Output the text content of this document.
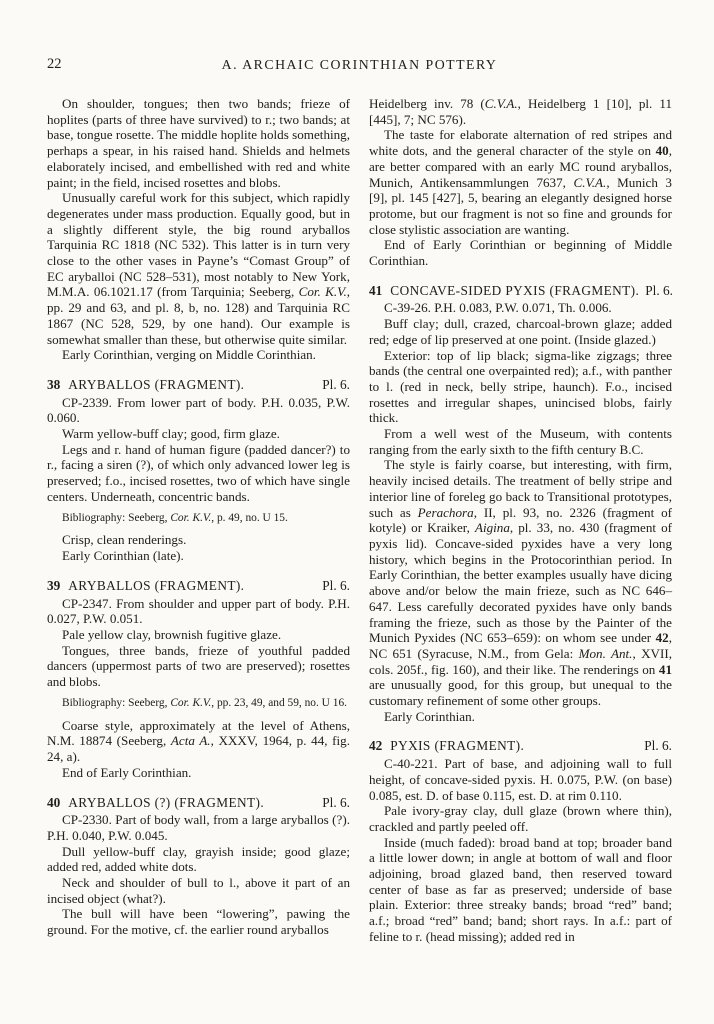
22	A. ARCHAIC CORINTHIAN POTTERY

On shoulder, tongues; then two bands; frieze of hoplites (parts of three have survived) to r.; two bands; at base, tongue rosette. The middle hoplite holds something, perhaps a spear, in his raised hand. Shields and helmets elaborately incised, and embellished with red and white paint; in the field, incised rosettes and blobs.

Unusually careful work for this subject, which rapidly degenerates under mass production. Equally good, but in a slightly different style, the big round aryballos Tarquinia RC 1818 (NC 532). This latter is in turn very close to the other vases in Payne’s “Comast Group” of EC aryballoi (NC 528–531), most notably to New York, M.M.A. 06.1021.17 (from Tarquinia; Seeberg, Cor. K.V., pp. 29 and 63, and pl. 8, b, no. 128) and Tarquinia RC 1867 (NC 528, 529, by one hand). Our example is somewhat smaller than these, but otherwise quite similar.

Early Corinthian, verging on Middle Corinthian.

38 ARYBALLOS (FRAGMENT).	Pl. 6.

CP-2339. From lower part of body. P.H. 0.035, P.W. 0.060.

Warm yellow-buff clay; good, firm glaze.

Legs and r. hand of human figure (padded dancer?) to r., facing a siren (?), of which only advanced lower leg is preserved; f.o., incised rosettes, two of which have single centers. Underneath, concentric bands.

Bibliography: Seeberg, Cor. K.V., p. 49, no. U 15.

Crisp, clean renderings.

Early Corinthian (late).

39 ARYBALLOS (FRAGMENT).	Pl. 6.

CP-2347. From shoulder and upper part of body. P.H. 0.027, P.W. 0.051.

Pale yellow clay, brownish fugitive glaze.

Tongues, three bands, frieze of youthful padded dancers (uppermost parts of two are preserved); rosettes and blobs.

Bibliography: Seeberg, Cor. K.V., pp. 23, 49, and 59, no. U 16.

Coarse style, approximately at the level of Athens, N.M. 18874 (Seeberg, Acta A., XXXV, 1964, p. 44, fig. 24, a).

End of Early Corinthian.

40 ARYBALLOS (?) (FRAGMENT).	Pl. 6.

CP-2330. Part of body wall, from a large aryballos (?). P.H. 0.040, P.W. 0.045.

Dull yellow-buff clay, grayish inside; good glaze; added red, added white dots.

Neck and shoulder of bull to l., above it part of an incised object (what?).

The bull will have been “lowering”, pawing the ground. For the motive, cf. the earlier round aryballos

Heidelberg inv. 78 (C.V.A., Heidelberg 1 [10], pl. 11 [445], 7; NC 576).

The taste for elaborate alternation of red stripes and white dots, and the general character of the style on 40, are better compared with an early MC round aryballos, Munich, Antikensammlungen 7637, C.V.A., Munich 3 [9], pl. 145 [427], 5, bearing an elegantly designed horse protome, but our fragment is not so fine and grounds for close stylistic association are wanting.

End of Early Corinthian or beginning of Middle Corinthian.

41 CONCAVE-SIDED PYXIS (FRAGMENT). Pl. 6.

C-39-26. P.H. 0.083, P.W. 0.071, Th. 0.006.

Buff clay; dull, crazed, charcoal-brown glaze; added red; edge of lip preserved at one point. (Inside glazed.)

Exterior: top of lip black; sigma-like zigzags; three bands (the central one overpainted red); a.f., with panther to l. (red in neck, belly stripe, haunch). F.o., incised rosettes and irregular shapes, unincised blobs, fairly thick.

From a well west of the Museum, with contents ranging from the early sixth to the fifth century B.C.

The style is fairly coarse, but interesting, with firm, heavily incised details. The treatment of belly stripe and interior line of foreleg go back to Transitional prototypes, such as Perachora, II, pl. 93, no. 2326 (fragment of kotyle) or Kraiker, Aigina, pl. 33, no. 430 (fragment of pyxis lid). Concave-sided pyxides have a very long history, which begins in the Protocorinthian period. In Early Corinthian, the better examples usually have dicing above and/or below the main frieze, such as NC 646–647. Less carefully decorated pyxides have only bands framing the frieze, such as those by the Painter of the Munich Pyxides (NC 653–659): on whom see under 42, NC 651 (Syracuse, N.M., from Gela: Mon. Ant., XVII, cols. 205f., fig. 160), and their like. The renderings on 41 are unusually good, for this group, but unequal to the customary refinement of some other groups.

Early Corinthian.

42 PYXIS (FRAGMENT).	Pl. 6.

C-40-221. Part of base, and adjoining wall to full height, of concave-sided pyxis. H. 0.075, P.W. (on base) 0.085, est. D. of base 0.115, est. D. at rim 0.110.

Pale ivory-gray clay, dull glaze (brown where thin), crackled and partly peeled off.

Inside (much faded): broad band at top; broader band a little lower down; in angle at bottom of wall and floor adjoining, broad glazed band, then reserved toward center of base as far as preserved; underside of base plain. Exterior: three streaky bands; broad “red” band; a.f.; broad “red” band; band; short rays. In a.f.: part of feline to r. (head missing); added red in
